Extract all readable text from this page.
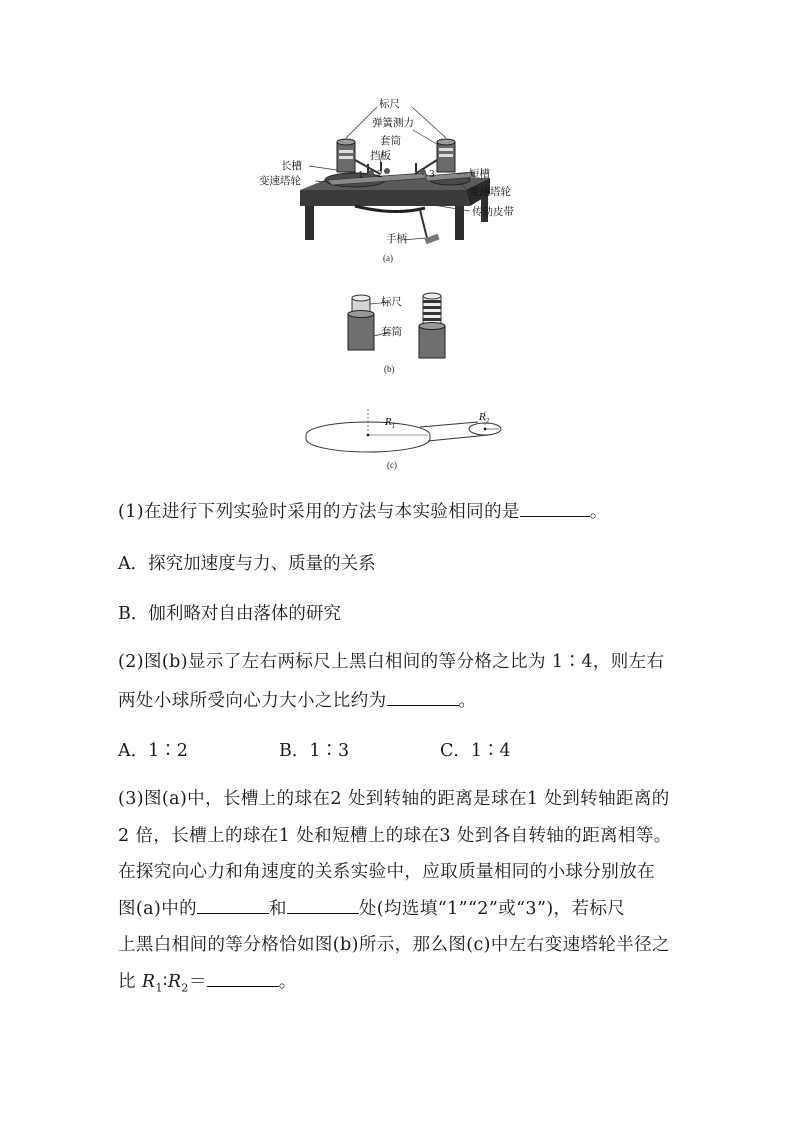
标尺
弹簧测力
套筒
挡板
长槽
变速塔轮
短槽
变速塔轮
传动皮带
手柄
1 2	3
(a)
标尺
套筒
(b)
$R_1$
$R_2$
(c)
(1)在进行下列实验时采用的方法与本实验相同的是	。
A．探究加速度与力、质量的关系
B．伽利略对自由落体的研究
(2)图(b)显示了左右两标尺上黑白相间的等分格之比为 1∶4，则左右
两处小球所受向心力大小之比约为	。
A．1∶2	B．1∶3	C．1∶4
(3)图(a)中，长槽上的球在2 处到转轴的距离是球在1 处到转轴距离的
2 倍，长槽上的球在1 处和短槽上的球在3 处到各自转轴的距离相等。
在探究向心力和角速度的关系实验中，应取质量相同的小球分别放在
图(a)中的	和	处(均选填“1”“2”或“3”)，若标尺
上黑白相间的等分格恰如图(b)所示，那么图(c)中左右变速塔轮半径之
比 $R_1∶R_2=$	。
